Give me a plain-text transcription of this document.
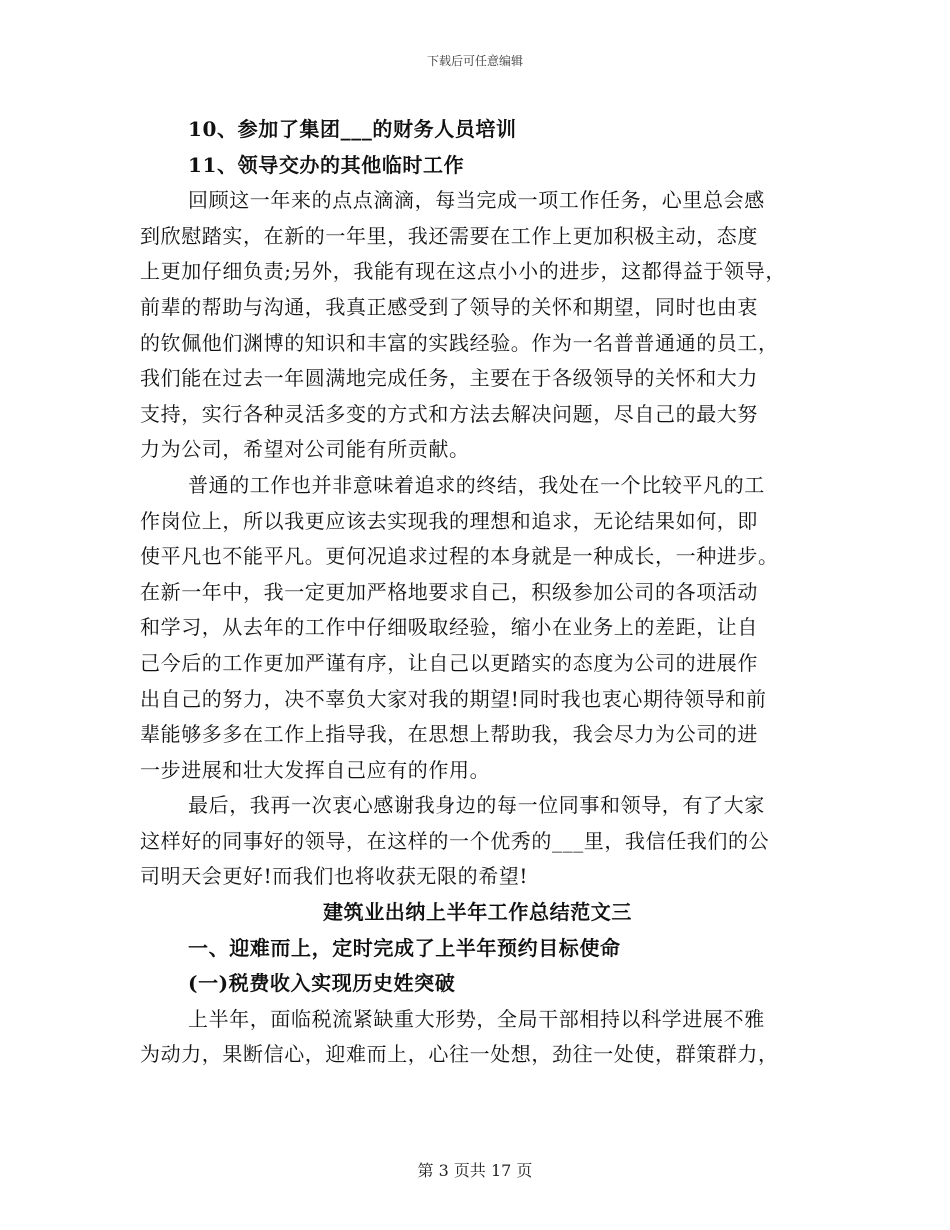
下载后可任意编辑
10、参加了集团___的财务人员培训
11、领导交办的其他临时工作
回顾这一年来的点点滴滴，每当完成一项工作任务，心里总会感
到欣慰踏实，在新的一年里，我还需要在工作上更加积极主动，态度
上更加仔细负责;另外，我能有现在这点小小的进步，这都得益于领导，
前辈的帮助与沟通，我真正感受到了领导的关怀和期望，同时也由衷
的钦佩他们渊博的知识和丰富的实践经验。作为一名普普通通的员工，
我们能在过去一年圆满地完成任务，主要在于各级领导的关怀和大力
支持，实行各种灵活多变的方式和方法去解决问题，尽自己的最大努
力为公司，希望对公司能有所贡献。
普通的工作也并非意味着追求的终结，我处在一个比较平凡的工
作岗位上，所以我更应该去实现我的理想和追求，无论结果如何，即
使平凡也不能平凡。更何况追求过程的本身就是一种成长，一种进步。
在新一年中，我一定更加严格地要求自己，积级参加公司的各项活动
和学习，从去年的工作中仔细吸取经验，缩小在业务上的差距，让自
己今后的工作更加严谨有序，让自己以更踏实的态度为公司的进展作
出自己的努力，决不辜负大家对我的期望!同时我也衷心期待领导和前
辈能够多多在工作上指导我，在思想上帮助我，我会尽力为公司的进
一步进展和壮大发挥自己应有的作用。
最后，我再一次衷心感谢我身边的每一位同事和领导，有了大家
这样好的同事好的领导，在这样的一个优秀的___里，我信任我们的公
司明天会更好!而我们也将收获无限的希望!
建筑业出纳上半年工作总结范文三
一、迎难而上，定时完成了上半年预约目标使命
(一)税费收入实现历史姓突破
上半年，面临税流紧缺重大形势，全局干部相持以科学进展不雅
为动力，果断信心，迎难而上，心往一处想，劲往一处使，群策群力，
第 3 页共 17 页
